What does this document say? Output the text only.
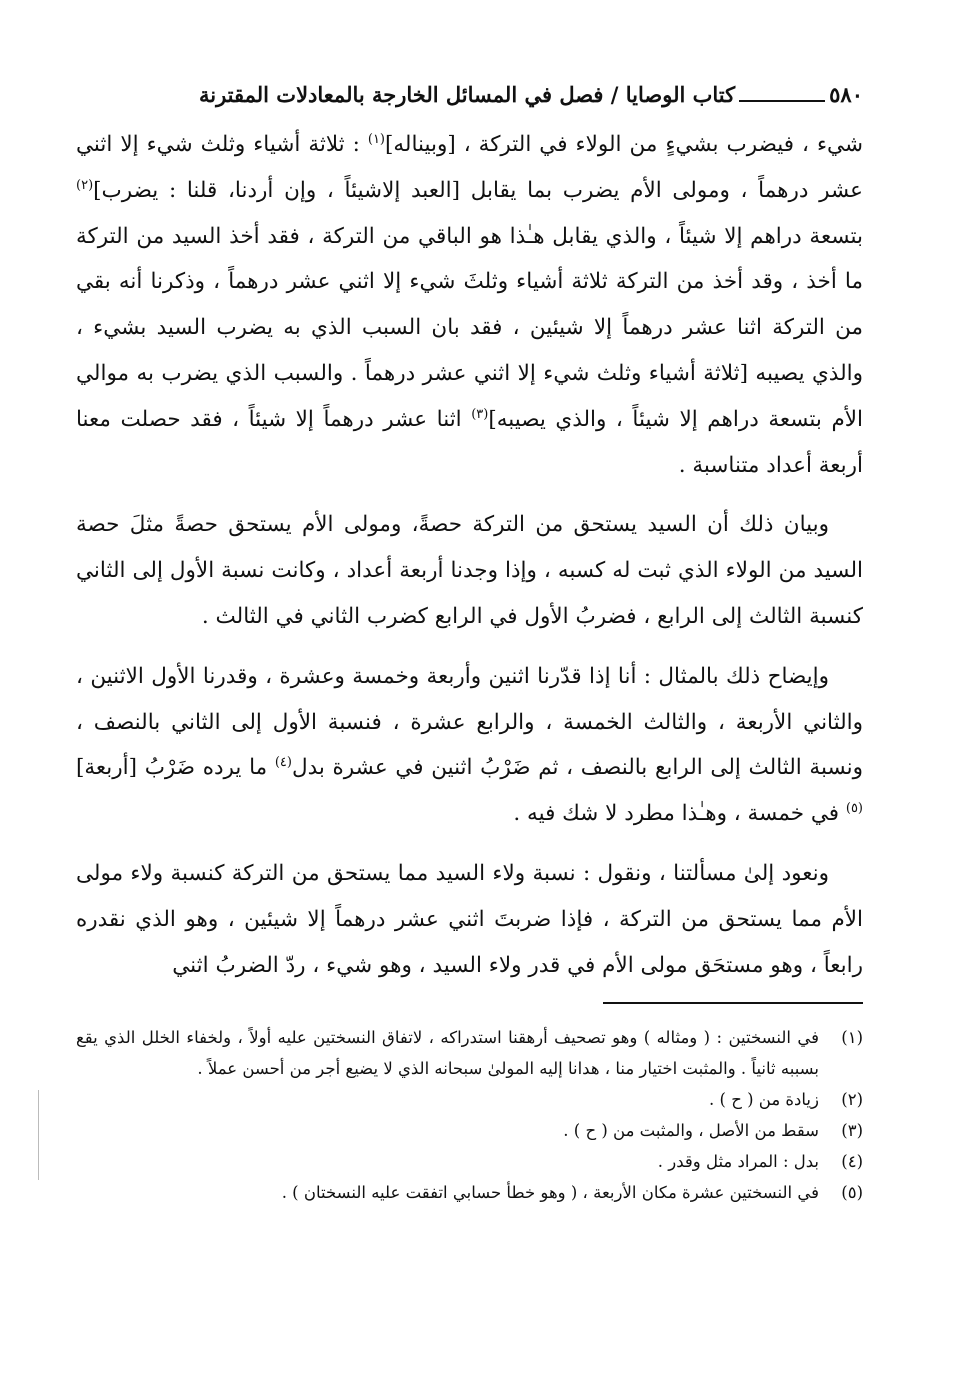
٥٨٠
كتاب الوصايا /

فصل في المسائل الخارجة بالمعادلات المقترنة

شيء ، فيضرب بشيءٍ من الولاء في التركة ، [وبيناله]$^{(١)}$ : ثلاثة أشياء وثلث شيء إلا اثني عشر درهماً ، ومولى الأم يضرب بما يقابل [العبد إلاشيئاً ، وإن أردنا، قلنا : يضرب]$^{(٢)}$ بتسعة دراهم إلا شيئاً ، والذي يقابل هـٰذا هو الباقي من التركة ، فقد أخذ السيد من التركة ما أخذ ، وقد أخذ من التركة ثلاثة أشياء وثلثَ شيء إلا اثني عشر درهماً ، وذكرنا أنه بقي من التركة اثنا عشر درهماً إلا شيئين ، فقد بان السبب الذي به يضرب السيد بشيء ، والذي يصيبه [ثلاثة أشياء وثلث شيء إلا اثني عشر درهماً . والسبب الذي يضرب به موالي الأم بتسعة دراهم إلا شيئاً ، والذي يصيبه]$^{(٣)}$ اثنا عشر درهماً إلا شيئاً ، فقد حصلت معنا أربعة أعداد متناسبة .

وبيان ذلك أن السيد يستحق من التركة حصةً، ومولى الأم يستحق حصةً مثلَ حصة السيد من الولاء الذي ثبت له كسبه ، وإذا وجدنا أربعة أعداد ، وكانت نسبة الأول إلى الثاني كنسبة الثالث إلى الرابع ، فضربُ الأول في الرابع كضرب الثاني في الثالث .

وإيضاح ذلك بالمثال : أنا إذا قدّرنا اثنين وأربعة وخمسة وعشرة ، وقدرنا الأول الاثنين ، والثاني الأربعة ، والثالث الخمسة ، والرابع عشرة ، فنسبة الأول إلى الثاني بالنصف ، ونسبة الثالث إلى الرابع بالنصف ، ثم ضَرْبُ اثنين في عشرة بدل$^{(٤)}$ ما يرده ضَرْبُ [أربعة]$^{(٥)}$ في خمسة ، وهـٰذا مطرد لا شك فيه .

ونعود إلىٰ مسألتنا ، ونقول : نسبة ولاء السيد مما يستحق من التركة كنسبة ولاء مولى الأم مما يستحق من التركة ، فإذا ضربتَ اثني عشر درهماً إلا شيئين ، وهو الذي نقدره رابعاً ، وهو مستحَق مولى الأم في قدر ولاء السيد ، وهو شيء ، ردّ الضربُ اثني

(١)
في النسختين : ( ومثاله ) وهو تصحيف أرهقنا استدراكه ، لاتفاق النسختين عليه أولاً ، ولخفاء الخلل الذي يقع بسببه ثانياً . والمثبت اختيار منا ، هدانا إليه المولىٰ سبحانه الذي لا يضيع أجر من أحسن عملاً .
(٢)
زيادة من ( ح ) .
(٣)
سقط من الأصل ، والمثبت من ( ح ) .
(٤)
بدل : المراد مثل وقدر .
(٥)
في النسختين عشرة مكان الأربعة ، ( وهو خطأ حسابي اتفقت عليه النسختان ) .
